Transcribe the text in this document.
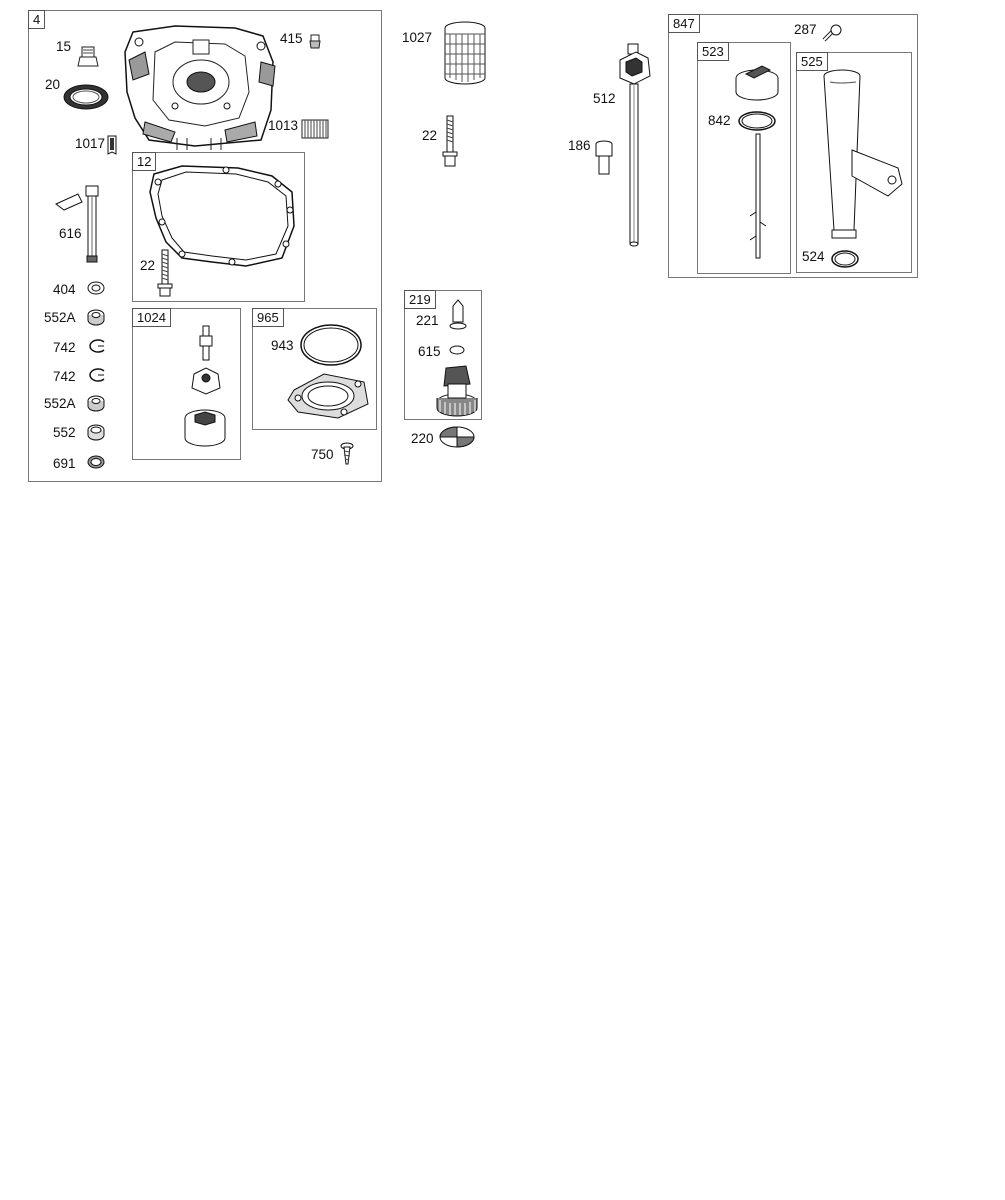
4
12
1024	965
219
847
523
525
15
20
415
1013
1017
616
22
404
552A
742
742
552A
552
691
943
750
1027
22
221
615
220
512
186
287
842
524
